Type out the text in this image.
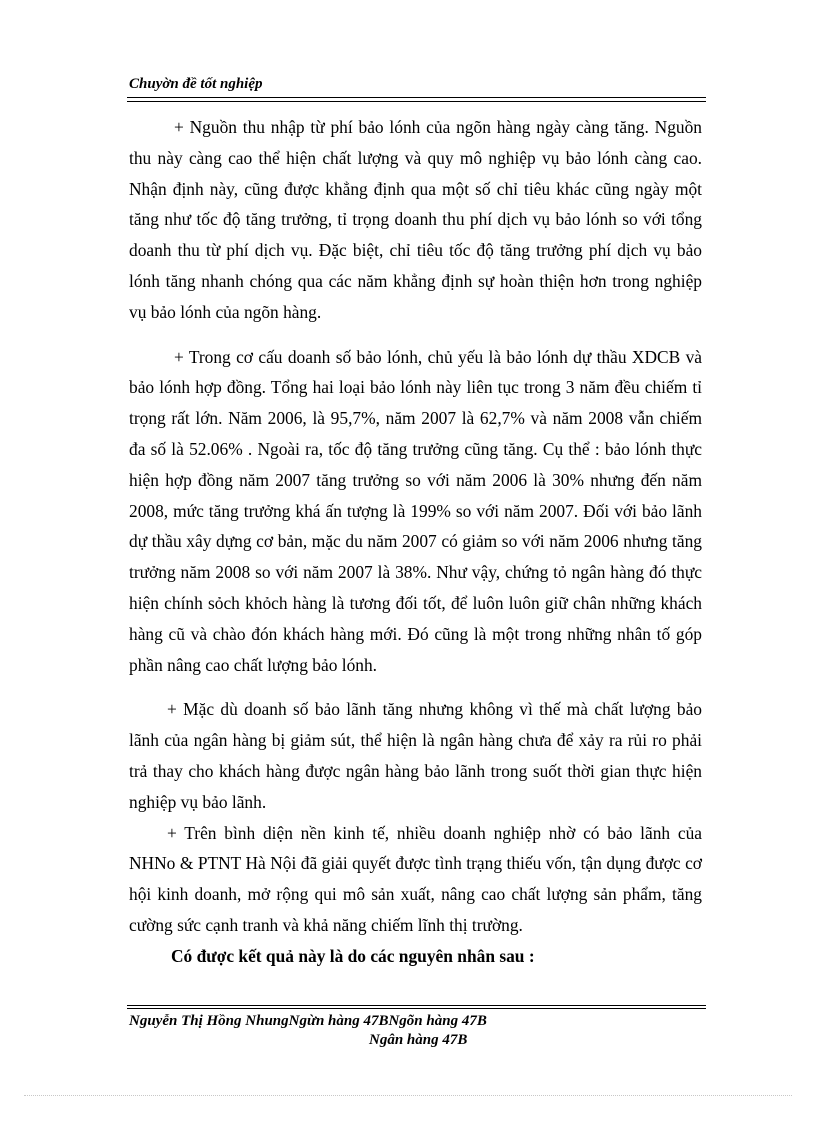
Chuyờn đề tốt nghiệp

+ Nguồn thu nhập từ phí bảo lónh của ngõn hàng ngày càng tăng. Nguồn thu này càng cao thể hiện chất lượng và quy mô nghiệp vụ bảo lónh càng cao. Nhận định này, cũng được khẳng định qua một số chỉ tiêu khác cũng ngày một tăng như tốc độ tăng trưởng, tỉ trọng doanh thu phí dịch vụ bảo lónh so với tổng doanh thu từ phí dịch vụ. Đặc biệt, chỉ tiêu tốc độ tăng trưởng phí dịch vụ bảo lónh tăng nhanh chóng qua các năm khẳng định sự hoàn thiện hơn trong nghiệp vụ bảo lónh của ngõn hàng.

+ Trong cơ cấu doanh số bảo lónh, chủ yếu là bảo lónh dự thầu XDCB và bảo lónh hợp đồng. Tổng hai loại bảo lónh này liên tục trong 3 năm đều chiếm tỉ trọng rất lớn. Năm 2006, là 95,7%, năm 2007 là 62,7% và năm 2008 vẫn chiếm đa số là 52.06% . Ngoài ra, tốc độ tăng trưởng cũng tăng. Cụ thể : bảo lónh thực hiện hợp đồng năm 2007 tăng trưởng so với năm 2006 là 30% nhưng đến năm 2008, mức tăng trưởng khá ấn tượng là 199% so với năm 2007. Đối với bảo lãnh dự thầu xây dựng cơ bản, mặc du năm 2007 có giảm so với năm 2006 nhưng tăng trưởng năm 2008 so với năm 2007 là 38%. Như vậy, chứng tỏ ngân hàng đó thực hiện chính sỏch khỏch hàng là tương đối tốt, để luôn luôn giữ chân những khách hàng cũ và chào đón khách hàng mới. Đó cũng là một trong những nhân tố góp phần nâng cao chất lượng bảo lónh.

+ Mặc dù doanh số bảo lãnh tăng nhưng không vì thế mà chất lượng bảo lãnh của ngân hàng bị giảm sút, thể hiện là ngân hàng chưa để xảy ra rủi ro phải trả thay cho khách hàng được ngân hàng bảo lãnh trong suốt thời gian thực hiện nghiệp vụ bảo lãnh.

+ Trên bình diện nền kinh tế, nhiều doanh nghiệp nhờ có bảo lãnh của NHNo & PTNT Hà Nội đã giải quyết được tình trạng thiếu vốn, tận dụng được cơ hội kinh doanh, mở rộng qui mô sản xuất, nâng cao chất lượng sản phẩm, tăng cường sức cạnh tranh và khả năng chiếm lĩnh thị trường.

Có được kết quả này là do các nguyên nhân sau :

Nguyễn Thị Hồng NhungNgừn hàng 47BNgõn hàng 47B
Ngân hàng 47B
